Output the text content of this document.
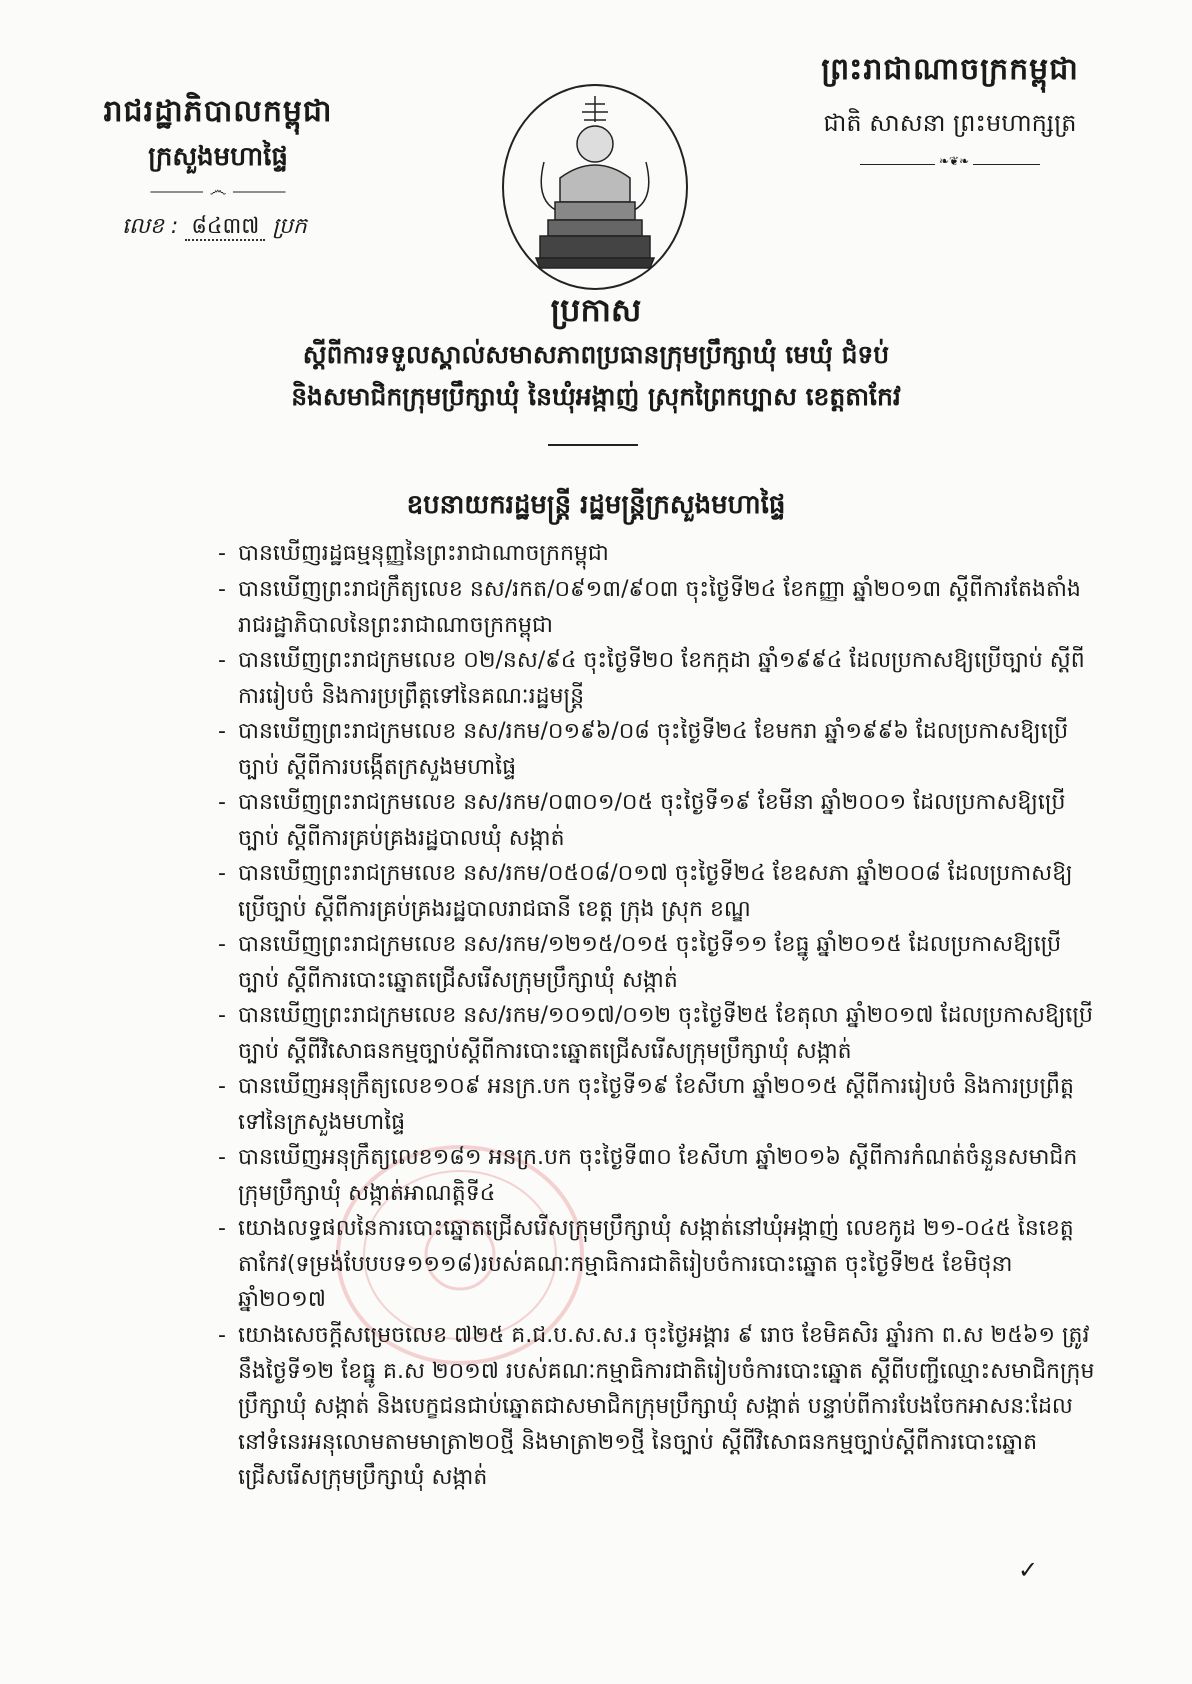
រាជរដ្ឋាភិបាលកម្ពុជា
ក្រសួងមហាផ្ទៃ
⸻ ෴ ⸻
លេខ : ៨៤៣៧ ប្រក
ព្រះរាជាណាចក្រកម្ពុជា
ជាតិ សាសនា ព្រះមហាក្សត្រ
❧❦❧
ប្រកាស
ស្តីពីការទទួលស្គាល់សមាសភាពប្រធានក្រុមប្រឹក្សាឃុំ មេឃុំ ជំទប់
និងសមាជិកក្រុមប្រឹក្សាឃុំ នៃឃុំអង្កាញ់ ស្រុកព្រៃកប្បាស ខេត្តតាកែវ
ឧបនាយករដ្ឋមន្ត្រី រដ្ឋមន្ត្រីក្រសួងមហាផ្ទៃ
- បានឃើញរដ្ឋធម្មនុញ្ញនៃព្រះរាជាណាចក្រកម្ពុជា
- បានឃើញព្រះរាជក្រឹត្យលេខ នស/រកត/០៩១៣/៩០៣ ចុះថ្ងៃទី២៤ ខែកញ្ញា ឆ្នាំ២០១៣ ស្តីពីការតែងតាំងរាជរដ្ឋាភិបាលនៃព្រះរាជាណាចក្រកម្ពុជា
- បានឃើញព្រះរាជក្រមលេខ ០២/នស/៩៤ ចុះថ្ងៃទី២០ ខែកក្កដា ឆ្នាំ១៩៩៤ ដែលប្រកាសឱ្យប្រើច្បាប់ ស្តីពីការរៀបចំ និងការប្រព្រឹត្តទៅនៃគណៈរដ្ឋមន្ត្រី
- បានឃើញព្រះរាជក្រមលេខ នស/រកម/០១៩៦/០៨ ចុះថ្ងៃទី២៤ ខែមករា ឆ្នាំ១៩៩៦ ដែលប្រកាសឱ្យប្រើច្បាប់ ស្តីពីការបង្កើតក្រសួងមហាផ្ទៃ
- បានឃើញព្រះរាជក្រមលេខ នស/រកម/០៣០១/០៥ ចុះថ្ងៃទី១៩ ខែមីនា ឆ្នាំ២០០១ ដែលប្រកាសឱ្យប្រើច្បាប់ ស្តីពីការគ្រប់គ្រងរដ្ឋបាលឃុំ សង្កាត់
- បានឃើញព្រះរាជក្រមលេខ នស/រកម/០៥០៨/០១៧ ចុះថ្ងៃទី២៤ ខែឧសភា ឆ្នាំ២០០៨ ដែលប្រកាសឱ្យប្រើច្បាប់ ស្តីពីការគ្រប់គ្រងរដ្ឋបាលរាជធានី ខេត្ត ក្រុង ស្រុក ខណ្ឌ
- បានឃើញព្រះរាជក្រមលេខ នស/រកម/១២១៥/០១៥ ចុះថ្ងៃទី១១ ខែធ្នូ ឆ្នាំ២០១៥ ដែលប្រកាសឱ្យប្រើច្បាប់ ស្តីពីការបោះឆ្នោតជ្រើសរើសក្រុមប្រឹក្សាឃុំ សង្កាត់
- បានឃើញព្រះរាជក្រមលេខ នស/រកម/១០១៧/០១២ ចុះថ្ងៃទី២៥ ខែតុលា ឆ្នាំ២០១៧ ដែលប្រកាសឱ្យប្រើច្បាប់ ស្តីពីវិសោធនកម្មច្បាប់ស្តីពីការបោះឆ្នោតជ្រើសរើសក្រុមប្រឹក្សាឃុំ សង្កាត់
- បានឃើញអនុក្រឹត្យលេខ១០៩ អនក្រ.បក ចុះថ្ងៃទី១៩ ខែសីហា ឆ្នាំ២០១៥ ស្តីពីការរៀបចំ និងការប្រព្រឹត្តទៅនៃក្រសួងមហាផ្ទៃ
- បានឃើញអនុក្រឹត្យលេខ១៨១ អនក្រ.បក ចុះថ្ងៃទី៣០ ខែសីហា ឆ្នាំ២០១៦ ស្តីពីការកំណត់ចំនួនសមាជិកក្រុមប្រឹក្សាឃុំ សង្កាត់អាណត្តិទី៤
- យោងលទ្ធផលនៃការបោះឆ្នោតជ្រើសរើសក្រុមប្រឹក្សាឃុំ សង្កាត់នៅឃុំអង្កាញ់ លេខកូដ ២១-០៤៥ នៃខេត្តតាកែវ(ទម្រង់បែបបទ១១១៨)របស់គណៈកម្មាធិការជាតិរៀបចំការបោះឆ្នោត ចុះថ្ងៃទី២៥ ខែមិថុនា ឆ្នាំ២០១៧
- យោងសេចក្តីសម្រេចលេខ ៧២៥ គ.ជ.ប.ស.ស.រ ចុះថ្ងៃអង្គារ ៩ រោច ខែមិគសិរ ឆ្នាំរកា ព.ស ២៥៦១ ត្រូវនឹងថ្ងៃទី១២ ខែធ្នូ គ.ស ២០១៧ របស់គណៈកម្មាធិការជាតិរៀបចំការបោះឆ្នោត ស្តីពីបញ្ជីឈ្មោះសមាជិកក្រុមប្រឹក្សាឃុំ សង្កាត់ និងបេក្ខជនជាប់ឆ្នោតជាសមាជិកក្រុមប្រឹក្សាឃុំ សង្កាត់ បន្ទាប់ពីការបែងចែកអាសនៈដែលនៅទំនេរអនុលោមតាមមាត្រា២០ថ្មី និងមាត្រា២១ថ្មី នៃច្បាប់ ស្តីពីវិសោធនកម្មច្បាប់ស្តីពីការបោះឆ្នោតជ្រើសរើសក្រុមប្រឹក្សាឃុំ សង្កាត់
✓
